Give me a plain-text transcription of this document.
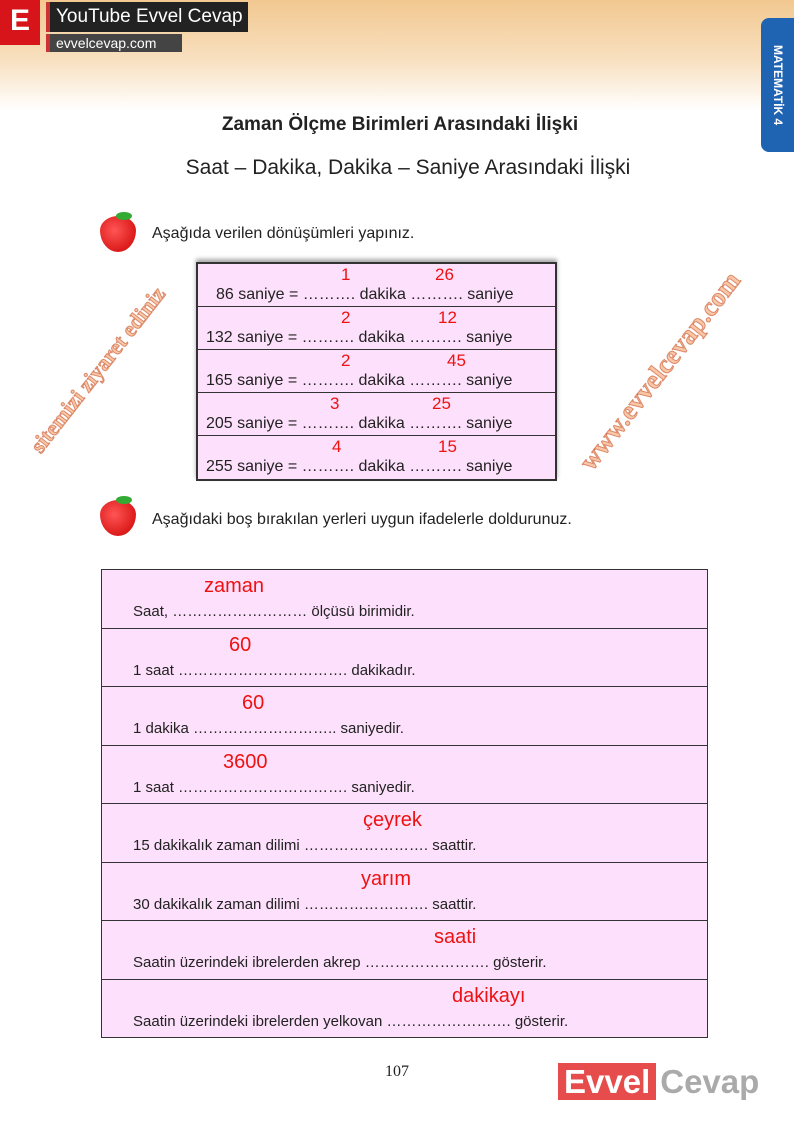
E	YouTube Evvel Cevap
evvelcevap.com
MATEMATİK 4
Zaman Ölçme Birimleri Arasındaki İlişki
Saat – Dakika, Dakika – Saniye Arasındaki İlişki
Aşağıda verilen dönüşümleri yapınız.
86 saniye = ………. dakika ………. saniye
1	26
132 saniye = ………. dakika ………. saniye
2	12
165 saniye = ………. dakika ………. saniye
2	45
205 saniye = ………. dakika ………. saniye
3	25
255 saniye = ………. dakika ………. saniye
4	15
sitemizi ziyaret ediniz	www.evvelcevap.com
Aşağıdaki boş bırakılan yerleri uygun ifadelerle doldurunuz.
Saat, ……………………… ölçüsü birimidir.
zaman
1 saat ……………………………. dakikadır.
60
1 dakika ……………………….. saniyedir.
60
1 saat ……………………………. saniyedir.
3600
15 dakikalık zaman dilimi ……………………. saattir.
çeyrek
30 dakikalık zaman dilimi ……………………. saattir.
yarım
Saatin üzerindeki ibrelerden akrep ……………………. gösterir.
saati
Saatin üzerindeki ibrelerden yelkovan ……………………. gösterir.
dakikayı
107	Evvel Cevap
